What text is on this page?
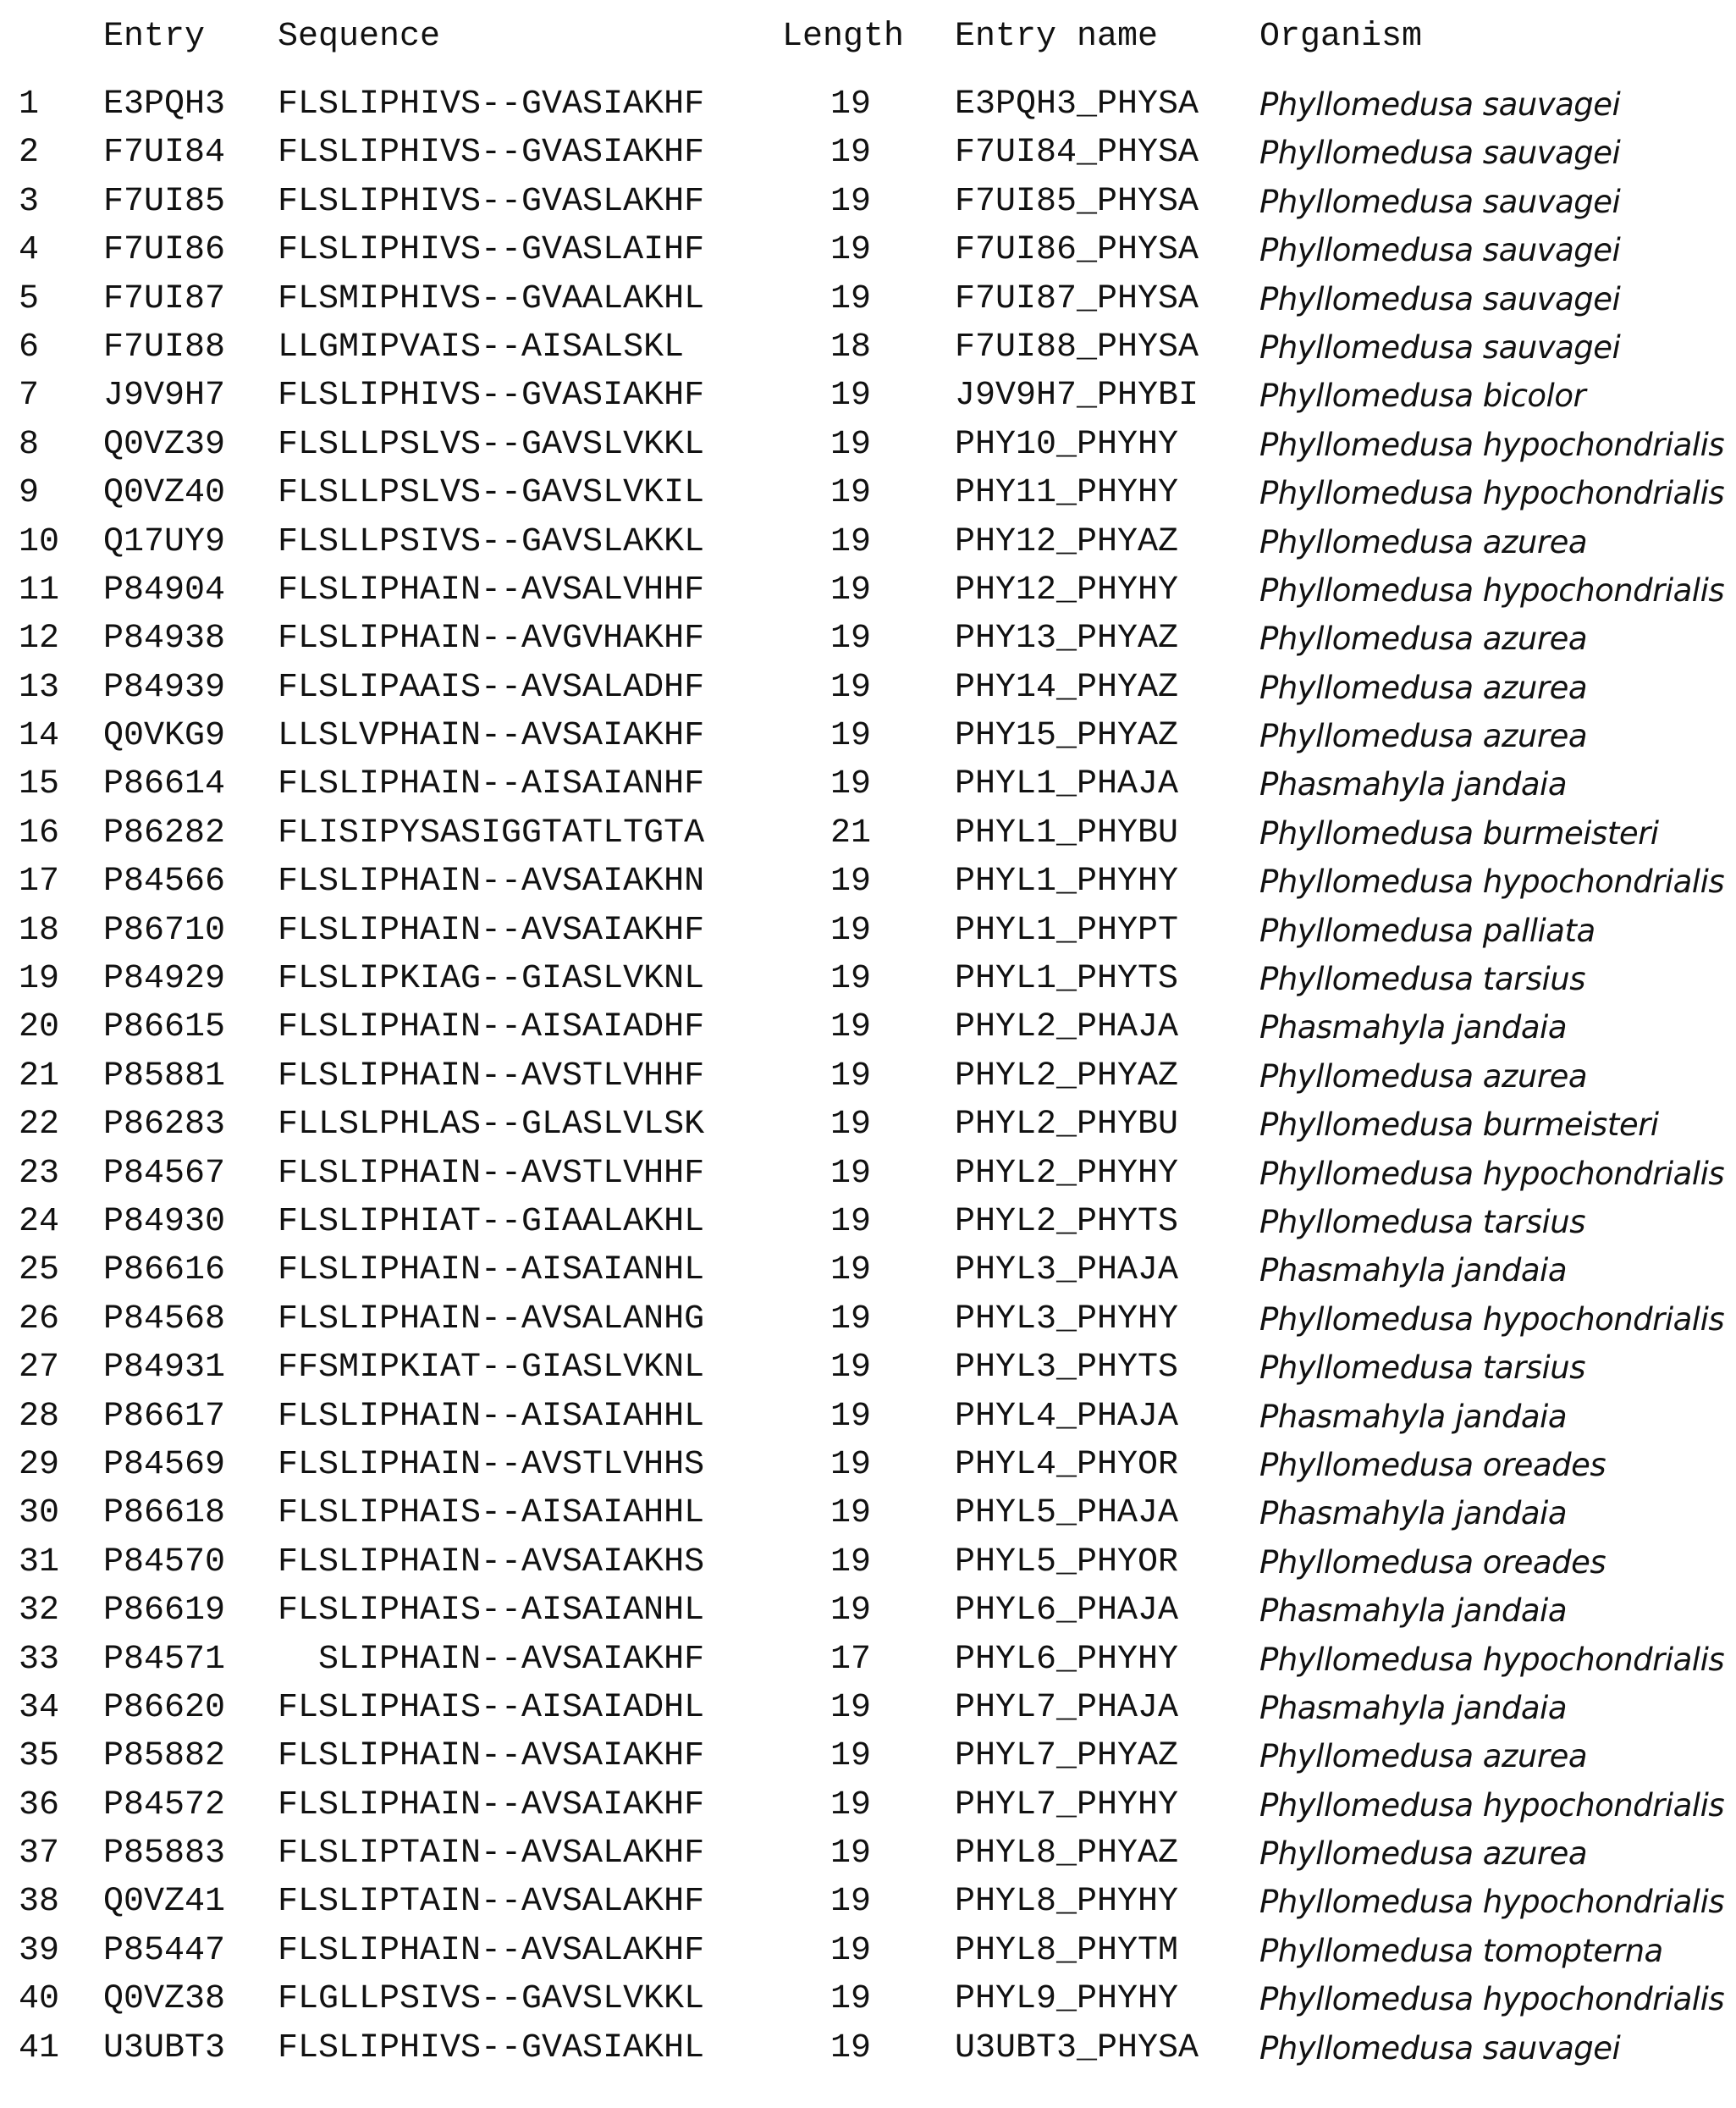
Entry Sequence	Length Entry name	Organism
1	E3PQH3 FLSLIPHIVS--GVASIAKHF	19 E3PQH3_PHYSA Phyllomedusa sauvagei
2	F7UI84 FLSLIPHIVS--GVASIAKHF	19 F7UI84_PHYSA Phyllomedusa sauvagei
3	F7UI85 FLSLIPHIVS--GVASLAKHF	19 F7UI85_PHYSA Phyllomedusa sauvagei
4	F7UI86 FLSLIPHIVS--GVASLAIHF	19 F7UI86_PHYSA Phyllomedusa sauvagei
5	F7UI87 FLSMIPHIVS--GVAALAKHL	19 F7UI87_PHYSA Phyllomedusa sauvagei
6	F7UI88 LLGMIPVAIS--AISALSKL	18 F7UI88_PHYSA Phyllomedusa sauvagei
7	J9V9H7 FLSLIPHIVS--GVASIAKHF	19 J9V9H7_PHYBI Phyllomedusa bicolor
8	Q0VZ39 FLSLLPSLVS--GAVSLVKKL	19 PHY10_PHYHY	Phyllomedusa hypochondrialis
9	Q0VZ40 FLSLLPSLVS--GAVSLVKIL	19 PHY11_PHYHY	Phyllomedusa hypochondrialis
10	Q17UY9 FLSLLPSIVS--GAVSLAKKL	19 PHY12_PHYAZ	Phyllomedusa azurea
11	P84904 FLSLIPHAIN--AVSALVHHF	19 PHY12_PHYHY	Phyllomedusa hypochondrialis
12	P84938 FLSLIPHAIN--AVGVHAKHF	19 PHY13_PHYAZ	Phyllomedusa azurea
13	P84939 FLSLIPAAIS--AVSALADHF	19 PHY14_PHYAZ	Phyllomedusa azurea
14	Q0VKG9 LLSLVPHAIN--AVSAIAKHF	19 PHY15_PHYAZ	Phyllomedusa azurea
15	P86614 FLSLIPHAIN--AISAIANHF	19 PHYL1_PHAJA	Phasmahyla jandaia
16	P86282 FLISIPYSASIGGTATLTGTA	21 PHYL1_PHYBU	Phyllomedusa burmeisteri
17	P84566 FLSLIPHAIN--AVSAIAKHN	19 PHYL1_PHYHY	Phyllomedusa hypochondrialis
18	P86710 FLSLIPHAIN--AVSAIAKHF	19 PHYL1_PHYPT	Phyllomedusa palliata
19	P84929 FLSLIPKIAG--GIASLVKNL	19 PHYL1_PHYTS	Phyllomedusa tarsius
20	P86615 FLSLIPHAIN--AISAIADHF	19 PHYL2_PHAJA	Phasmahyla jandaia
21	P85881 FLSLIPHAIN--AVSTLVHHF	19 PHYL2_PHYAZ	Phyllomedusa azurea
22	P86283 FLLSLPHLAS--GLASLVLSK	19 PHYL2_PHYBU	Phyllomedusa burmeisteri
23	P84567 FLSLIPHAIN--AVSTLVHHF	19 PHYL2_PHYHY	Phyllomedusa hypochondrialis
24	P84930 FLSLIPHIAT--GIAALAKHL	19 PHYL2_PHYTS	Phyllomedusa tarsius
25	P86616 FLSLIPHAIN--AISAIANHL	19 PHYL3_PHAJA	Phasmahyla jandaia
26	P84568 FLSLIPHAIN--AVSALANHG	19 PHYL3_PHYHY	Phyllomedusa hypochondrialis
27	P84931 FFSMIPKIAT--GIASLVKNL	19 PHYL3_PHYTS	Phyllomedusa tarsius
28	P86617 FLSLIPHAIN--AISAIAHHL	19 PHYL4_PHAJA	Phasmahyla jandaia
29	P84569 FLSLIPHAIN--AVSTLVHHS	19 PHYL4_PHYOR	Phyllomedusa oreades
30	P86618 FLSLIPHAIS--AISAIAHHL	19 PHYL5_PHAJA	Phasmahyla jandaia
31	P84570 FLSLIPHAIN--AVSAIAKHS	19 PHYL5_PHYOR	Phyllomedusa oreades
32	P86619 FLSLIPHAIS--AISAIANHL	19 PHYL6_PHAJA	Phasmahyla jandaia
33	P84571 SLIPHAIN--AVSAIAKHF	17 PHYL6_PHYHY	Phyllomedusa hypochondrialis
34	P86620 FLSLIPHAIS--AISAIADHL	19 PHYL7_PHAJA	Phasmahyla jandaia
35	P85882 FLSLIPHAIN--AVSAIAKHF	19 PHYL7_PHYAZ	Phyllomedusa azurea
36	P84572 FLSLIPHAIN--AVSAIAKHF	19 PHYL7_PHYHY	Phyllomedusa hypochondrialis
37	P85883 FLSLIPTAIN--AVSALAKHF	19 PHYL8_PHYAZ	Phyllomedusa azurea
38	Q0VZ41 FLSLIPTAIN--AVSALAKHF	19 PHYL8_PHYHY	Phyllomedusa hypochondrialis
39	P85447 FLSLIPHAIN--AVSALAKHF	19 PHYL8_PHYTM	Phyllomedusa tomopterna
40	Q0VZ38 FLGLLPSIVS--GAVSLVKKL	19 PHYL9_PHYHY	Phyllomedusa hypochondrialis
41	U3UBT3 FLSLIPHIVS--GVASIAKHL	19 U3UBT3_PHYSA Phyllomedusa sauvagei
